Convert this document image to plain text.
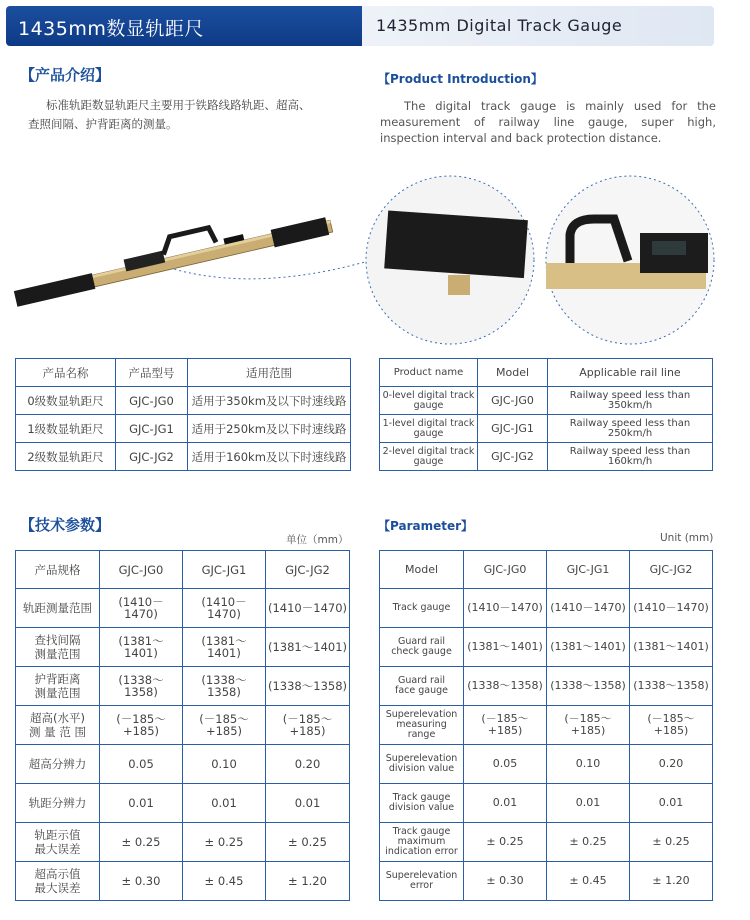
1435mm数显轨距尺	1435mm Digital Track Gauge
【产品介绍】	【Product Introduction】
标准轨距数显轨距尺主要用于铁路线路轨距、超高、
查照间隔、护背距离的测量。
The digital track gauge is mainly used for the measurement of railway line gauge, super high, inspection interval and back protection distance.
产品名称	产品型号	适用范围
0级数显轨距尺	GJC-JG0	适用于350km及以下时速线路
1级数显轨距尺	GJC-JG1	适用于250km及以下时速线路
2级数显轨距尺	GJC-JG2	适用于160km及以下时速线路
Product name	Model	Applicable rail line
0-level digital track gauge	GJC-JG0	Railway speed less than 350km/h
1-level digital track gauge	GJC-JG1	Railway speed less than 250km/h
2-level digital track gauge	GJC-JG2	Railway speed less than 160km/h
【技术参数】	【Parameter】
单位（mm）	Unit (mm)
产品规格	GJC-JG0	GJC-JG1	GJC-JG2
轨距测量范围	(1410－1470)	(1410－1470)	(1410－1470)
查找间隔
测量范围	(1381～1401)	(1381～1401)	(1381～1401)
护背距离
测量范围	(1338～1358)	(1338～1358)	(1338～1358)
超高(水平)
测 量 范 围	(－185～+185)	(－185～+185)	(－185～+185)
超高分辨力	0.05	0.10	0.20
轨距分辨力	0.01	0.01	0.01
轨距示值
最大误差	± 0.25	± 0.25	± 0.25
超高示值
最大误差	± 0.30	± 0.45	± 1.20
Model	GJC-JG0	GJC-JG1	GJC-JG2
Track gauge	(1410－1470)	(1410－1470)	(1410－1470)
Guard rail
check gauge	(1381～1401)	(1381～1401)	(1381～1401)
Guard rail
face gauge	(1338～1358)	(1338～1358)	(1338～1358)
Superelevation
measuring range	(－185～+185)	(－185～+185)	(－185～+185)
Superelevation
division value	0.05	0.10	0.20
Track gauge
division value	0.01	0.01	0.01
Track gauge
maximum
indication error	± 0.25	± 0.25	± 0.25
Superelevation
error	± 0.30	± 0.45	± 1.20
